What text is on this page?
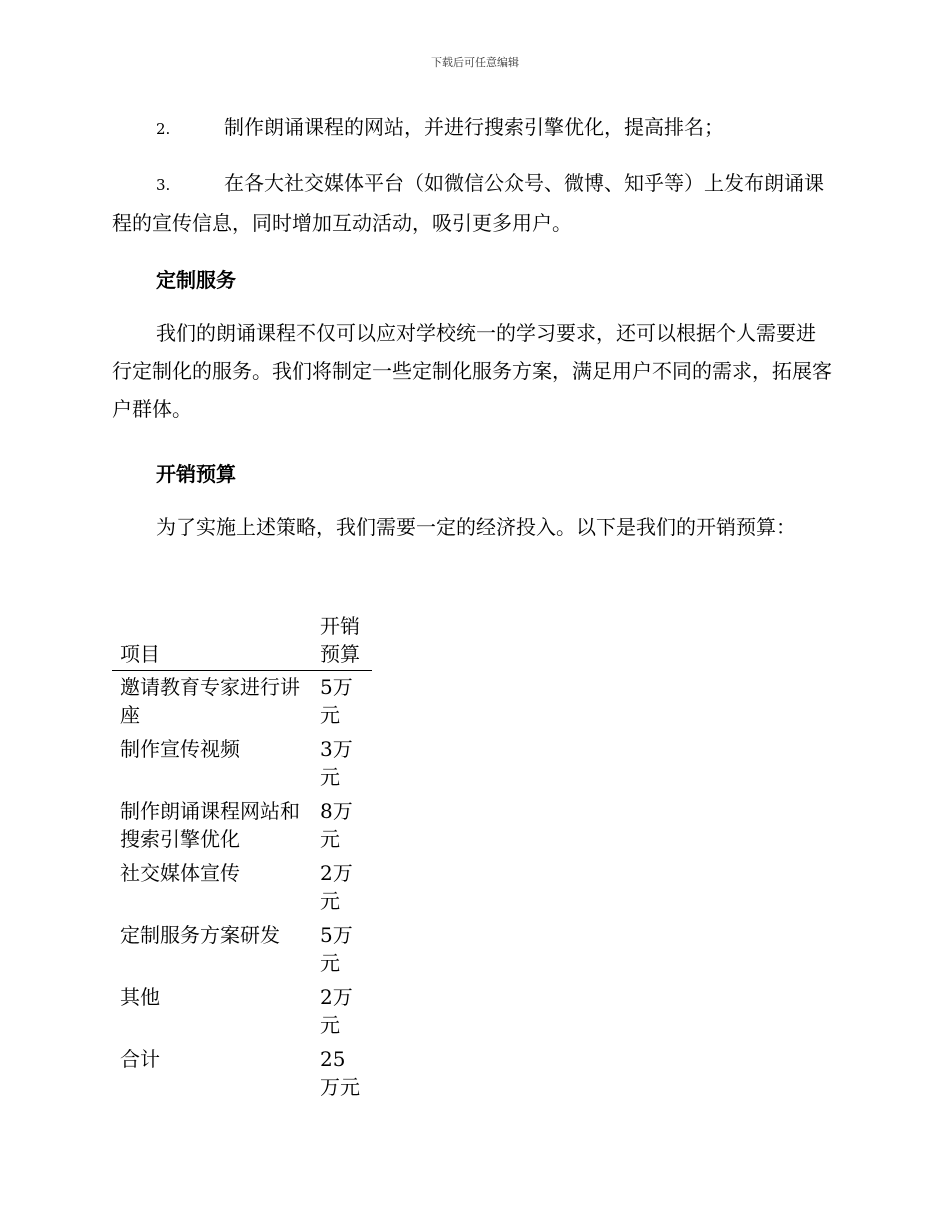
下载后可任意编辑
2.	制作朗诵课程的网站，并进行搜索引擎优化，提高排名；
3.	在各大社交媒体平台（如微信公众号、微博、知乎等）上发布朗诵课程的宣传信息，同时增加互动活动，吸引更多用户。
定制服务
我们的朗诵课程不仅可以应对学校统一的学习要求，还可以根据个人需要进行定制化的服务。我们将制定一些定制化服务方案，满足用户不同的需求，拓展客户群体。
开销预算
为了实施上述策略，我们需要一定的经济投入。以下是我们的开销预算：
项目	开销预算
邀请教育专家进行讲座	5万元
制作宣传视频	3万元
制作朗诵课程网站和搜索引擎优化	8万元
社交媒体宣传	2万元
定制服务方案研发	5万元
其他	2万元
合计	25万元
